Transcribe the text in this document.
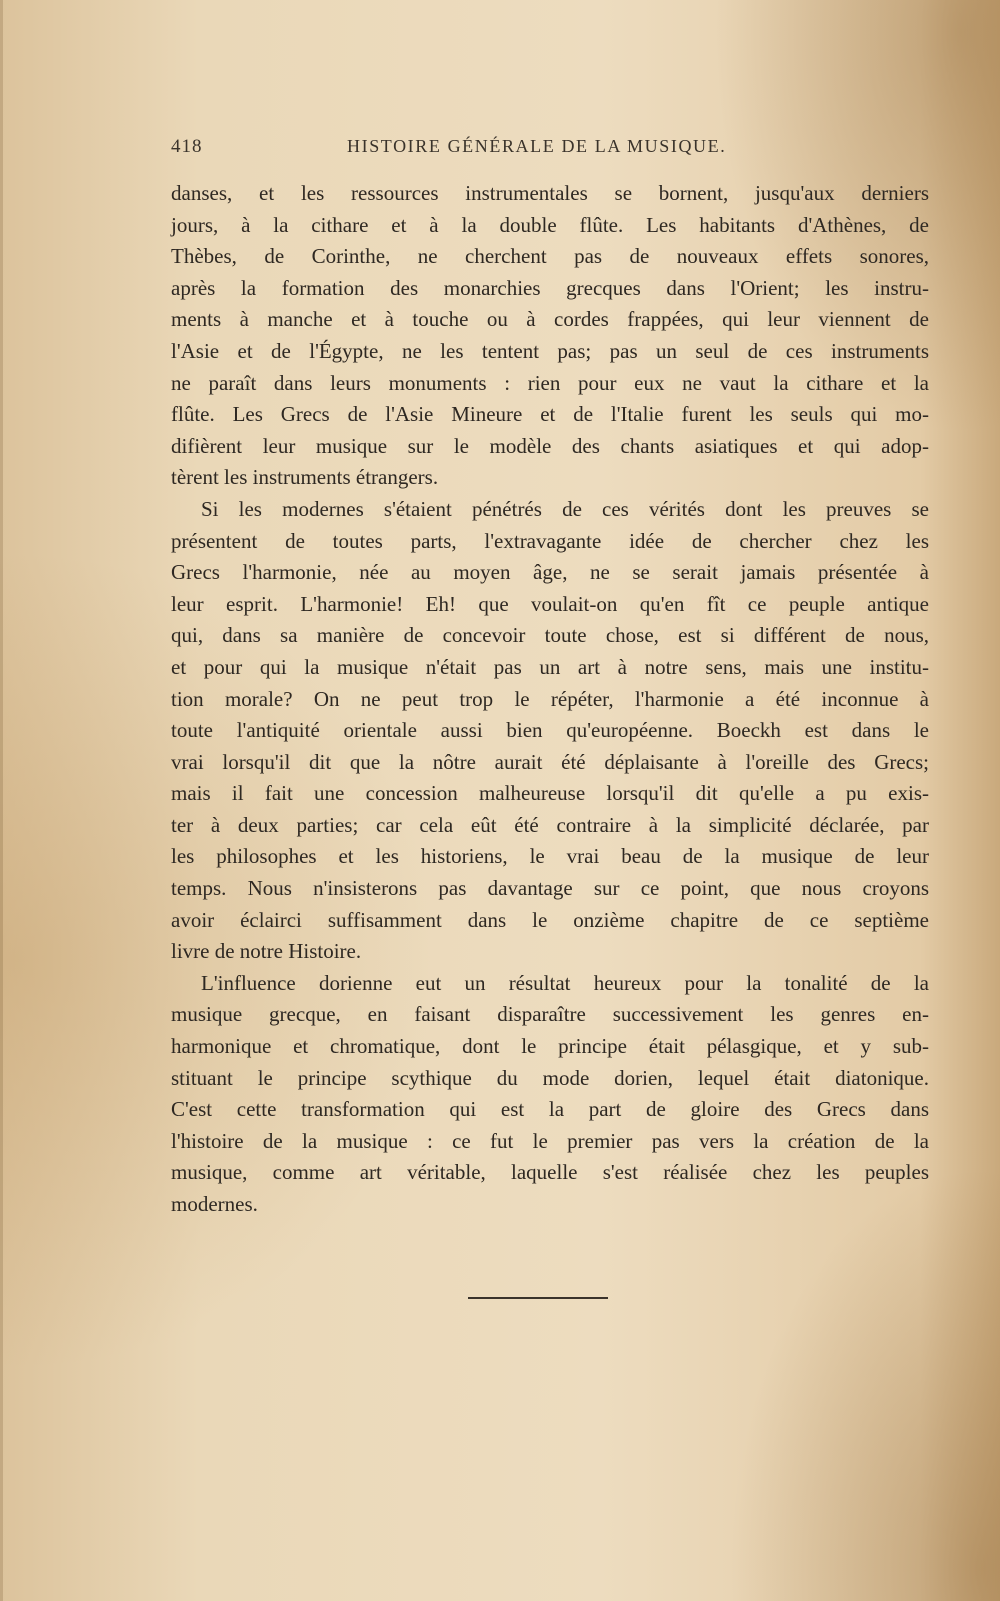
418	HISTOIRE GÉNÉRALE DE LA MUSIQUE.
danses, et les ressources instrumentales se bornent, jusqu'aux derniers
jours, à la cithare et à la double flûte. Les habitants d'Athènes, de
Thèbes, de Corinthe, ne cherchent pas de nouveaux effets sonores,
après la formation des monarchies grecques dans l'Orient; les instru-
ments à manche et à touche ou à cordes frappées, qui leur viennent de
l'Asie et de l'Égypte, ne les tentent pas; pas un seul de ces instruments
ne paraît dans leurs monuments : rien pour eux ne vaut la cithare et la
flûte. Les Grecs de l'Asie Mineure et de l'Italie furent les seuls qui mo-
difièrent leur musique sur le modèle des chants asiatiques et qui adop-
tèrent les instruments étrangers.
Si les modernes s'étaient pénétrés de ces vérités dont les preuves se
présentent de toutes parts, l'extravagante idée de chercher chez les
Grecs l'harmonie, née au moyen âge, ne se serait jamais présentée à
leur esprit. L'harmonie! Eh! que voulait-on qu'en fît ce peuple antique
qui, dans sa manière de concevoir toute chose, est si différent de nous,
et pour qui la musique n'était pas un art à notre sens, mais une institu-
tion morale? On ne peut trop le répéter, l'harmonie a été inconnue à
toute l'antiquité orientale aussi bien qu'européenne. Boeckh est dans le
vrai lorsqu'il dit que la nôtre aurait été déplaisante à l'oreille des Grecs;
mais il fait une concession malheureuse lorsqu'il dit qu'elle a pu exis-
ter à deux parties; car cela eût été contraire à la simplicité déclarée, par
les philosophes et les historiens, le vrai beau de la musique de leur
temps. Nous n'insisterons pas davantage sur ce point, que nous croyons
avoir éclairci suffisamment dans le onzième chapitre de ce septième
livre de notre Histoire.
L'influence dorienne eut un résultat heureux pour la tonalité de la
musique grecque, en faisant disparaître successivement les genres en-
harmonique et chromatique, dont le principe était pélasgique, et y sub-
stituant le principe scythique du mode dorien, lequel était diatonique.
C'est cette transformation qui est la part de gloire des Grecs dans
l'histoire de la musique : ce fut le premier pas vers la création de la
musique, comme art véritable, laquelle s'est réalisée chez les peuples
modernes.
